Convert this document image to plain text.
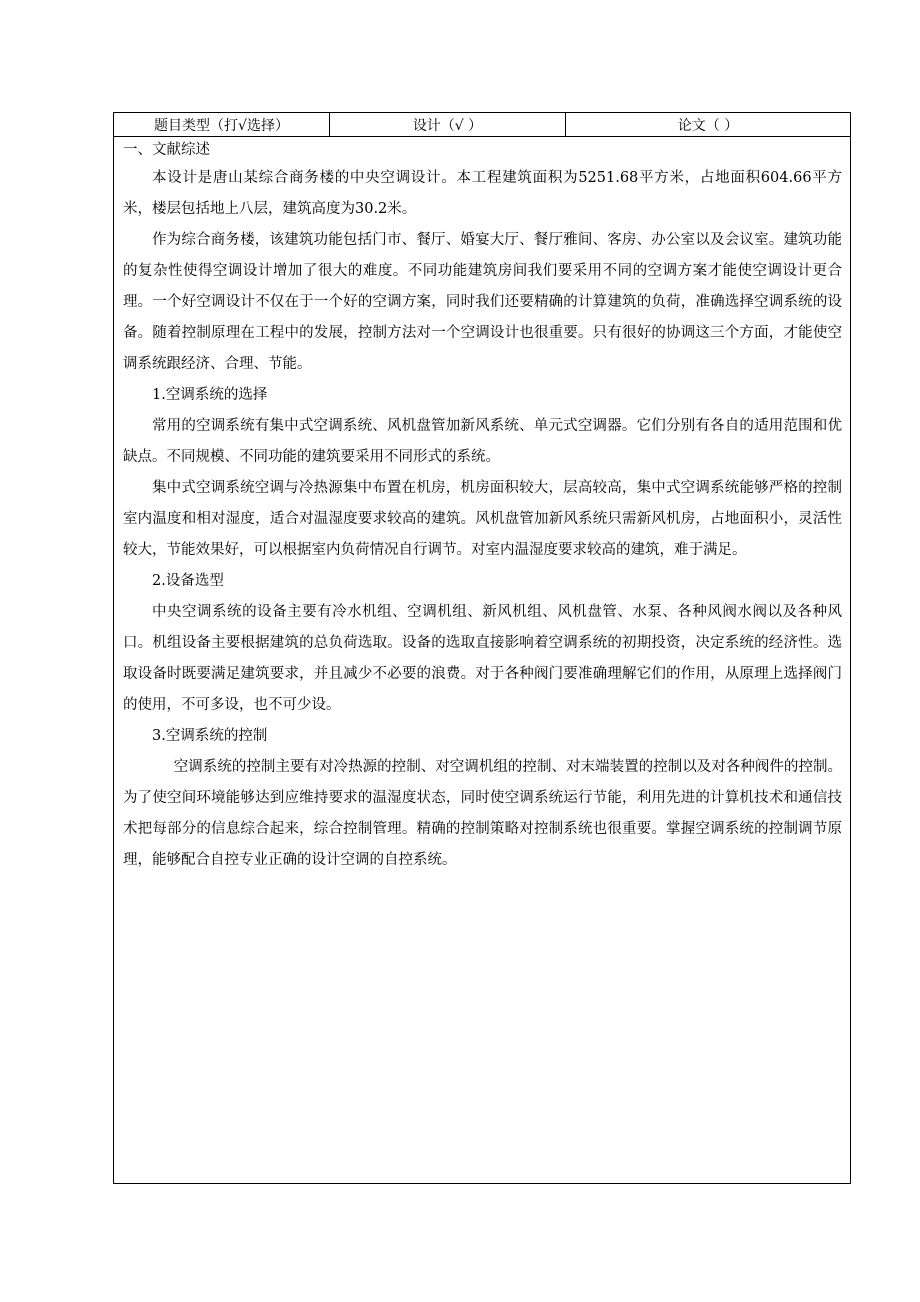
题目类型（打√选择）	设计（√ ）	论文（ ）

一、文献综述

本设计是唐山某综合商务楼的中央空调设计。本工程建筑面积为5251.68平方米，占地面积604.66平方米，楼层包括地上八层，建筑高度为30.2米。

作为综合商务楼，该建筑功能包括门市、餐厅、婚宴大厅、餐厅雅间、客房、办公室以及会议室。建筑功能的复杂性使得空调设计增加了很大的难度。不同功能建筑房间我们要采用不同的空调方案才能使空调设计更合理。一个好空调设计不仅在于一个好的空调方案，同时我们还要精确的计算建筑的负荷，准确选择空调系统的设备。随着控制原理在工程中的发展，控制方法对一个空调设计也很重要。只有很好的协调这三个方面，才能使空调系统跟经济、合理、节能。

1.空调系统的选择

常用的空调系统有集中式空调系统、风机盘管加新风系统、单元式空调器。它们分别有各自的适用范围和优缺点。不同规模、不同功能的建筑要采用不同形式的系统。

集中式空调系统空调与冷热源集中布置在机房，机房面积较大，层高较高，集中式空调系统能够严格的控制室内温度和相对湿度，适合对温湿度要求较高的建筑。风机盘管加新风系统只需新风机房，占地面积小，灵活性较大，节能效果好，可以根据室内负荷情况自行调节。对室内温湿度要求较高的建筑，难于满足。

2.设备选型

中央空调系统的设备主要有冷水机组、空调机组、新风机组、风机盘管、水泵、各种风阀水阀以及各种风口。机组设备主要根据建筑的总负荷选取。设备的选取直接影响着空调系统的初期投资，决定系统的经济性。选取设备时既要满足建筑要求，并且减少不必要的浪费。对于各种阀门要准确理解它们的作用，从原理上选择阀门的使用，不可多设，也不可少设。

3.空调系统的控制

空调系统的控制主要有对冷热源的控制、对空调机组的控制、对末端装置的控制以及对各种阀件的控制。为了使空间环境能够达到应维持要求的温湿度状态，同时使空调系统运行节能，利用先进的计算机技术和通信技术把每部分的信息综合起来，综合控制管理。精确的控制策略对控制系统也很重要。掌握空调系统的控制调节原理，能够配合自控专业正确的设计空调的自控系统。
